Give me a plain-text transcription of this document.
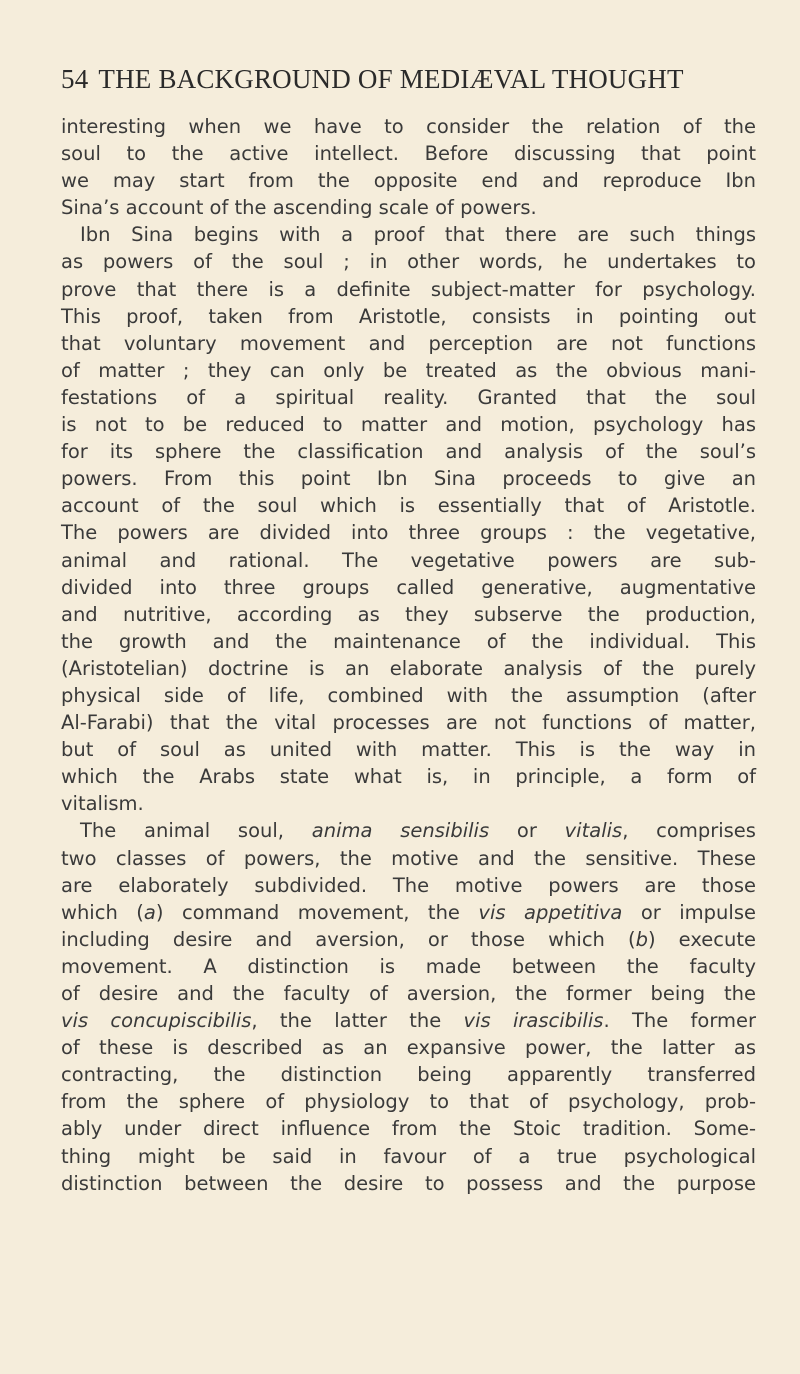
54 THE BACKGROUND OF MEDIÆVAL THOUGHT
interesting when we have to consider the relation of the
soul to the active intellect. Before discussing that point
we may start from the opposite end and reproduce Ibn
Sina’s account of the ascending scale of powers.
Ibn Sina begins with a proof that there are such things
as powers of the soul ; in other words, he undertakes to
prove that there is a definite subject-matter for psychology.
This proof, taken from Aristotle, consists in pointing out
that voluntary movement and perception are not functions
of matter ; they can only be treated as the obvious mani-
festations of a spiritual reality. Granted that the soul
is not to be reduced to matter and motion, psychology has
for its sphere the classification and analysis of the soul’s
powers. From this point Ibn Sina proceeds to give an
account of the soul which is essentially that of Aristotle.
The powers are divided into three groups : the vegetative,
animal and rational. The vegetative powers are sub-
divided into three groups called generative, augmentative
and nutritive, according as they subserve the production,
the growth and the maintenance of the individual. This
(Aristotelian) doctrine is an elaborate analysis of the purely
physical side of life, combined with the assumption (after
Al-Farabi) that the vital processes are not functions of matter,
but of soul as united with matter. This is the way in
which the Arabs state what is, in principle, a form of
vitalism.
The animal soul, anima sensibilis or vitalis, comprises
two classes of powers, the motive and the sensitive. These
are elaborately subdivided. The motive powers are those
which (a) command movement, the vis appetitiva or impulse
including desire and aversion, or those which (b) execute
movement. A distinction is made between the faculty
of desire and the faculty of aversion, the former being the
vis concupiscibilis, the latter the vis irascibilis. The former
of these is described as an expansive power, the latter as
contracting, the distinction being apparently transferred
from the sphere of physiology to that of psychology, prob-
ably under direct influence from the Stoic tradition. Some-
thing might be said in favour of a true psychological
distinction between the desire to possess and the purpose
